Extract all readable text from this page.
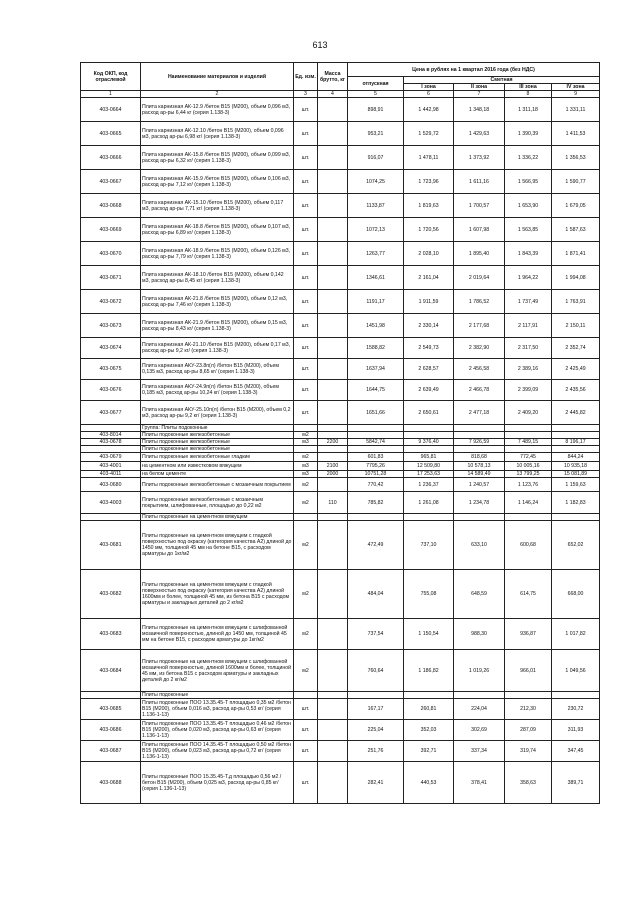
613
Код ОКП, код отраслевой	Наименование материалов и изделий	Ед. изм.	Масса брутто, кг	Цена в рублях на 1 квартал 2016 года (без НДС)				
				отпускная	Сметная			
					I зона	II зона	III зона	IV зона
1	2	3	4	5	6	7	8	9
403-0664	Плита карнизная АК-12.9 /бетон В15 (М200), объем 0,096 м3, расход ар-ры 6,44 кг (серия 1.138-3)	шт.		898,91	1 442,98	1 348,18	1 311,18	1 331,11
403-0665	Плита карнизная АК-12.10 /бетон В15 (М200), объем 0,096 м3, расход ар-ры 6,98 кг/ (серия 1.138-3)	шт.		953,21	1 529,72	1 429,63	1 390,39	1 411,53
403-0666	Плита карнизная АК-15.8 /бетон В15 (М200), объем 0,099 м3, расход ар-ры 6,32 кг/ (серия 1.138-3)	шт.		916,07	1 478,11	1 373,92	1 336,22	1 356,53
403-0667	Плита карнизная АК-15.9 /бетон В15 (М200), объем 0,106 м3, расход ар-ры 7,12 кг/ (серия 1.138-3)	шт.		1074,25	1 723,96	1 611,16	1 566,95	1 590,77
403-0668	Плита карнизная АК-15.10 /бетон В15 (М200), объем 0,117 м3, расход ар-ры 7,71 кг/ (серия 1.138-3)	шт.		1133,87	1 819,63	1 700,57	1 653,90	1 679,05
403-0669	Плита карнизная АК-18.8 /бетон В15 (М200), объем 0,107 м3, расход ар-ры 6,89 кг/ (серия 1.138-3)	шт.		1072,13	1 720,56	1 607,98	1 563,85	1 587,63
403-0670	Плита карнизная АК-18.9 /бетон В15 (М200), объем 0,126 м3, расход ар-ры 7,79 кг/ (серия 1.138-3)	шт.		1263,77	2 028,10	1 895,40	1 843,39	1 871,41
403-0671	Плита карнизная АК-18.10 /бетон В15 (М200), объем 0,142 м3, расход ар-ры 8,45 кг/ (серия 1.138-3)	шт.		1346,61	2 161,04	2 019,64	1 964,22	1 994,08
403-0672	Плита карнизная АК-21.8 /бетон В15 (М200), объем 0,12 м3, расход ар-ры 7,46 кг/ (серия 1.138-3)	шт.		1191,17	1 911,59	1 786,52	1 737,49	1 763,91
403-0673	Плита карнизная АК-21.9 /бетон В15 (М200), объем 0,15 м3, расход ар-ры 8,43 кг/ (серия 1.138-3)	шт.		1451,98	2 330,14	2 177,68	2 117,91	2 150,11
403-0674	Плита карнизная АК-21.10 /бетон В15 (М200), объем 0,17 м3, расход ар-ры 9,2 кг/ (серия 1.138-3)	шт.		1588,82	2 549,73	2 382,90	2 317,50	2 352,74
403-0675	Плита карнизная АКУ-23.8п(л) /бетон В15 (М200), объем 0,135 м3, расход ар-ры 8,65 кг/ (серия 1.138-3)	шт.		1637,94	2 628,57	2 456,58	2 389,16	2 425,49
403-0676	Плита карнизная АКУ-24.9п(л) /бетон В15 (М200), объем 0,185 м3, расход ар-ры 10,24 кг/ (серия 1.138-3)	шт.		1644,75	2 639,49	2 466,78	2 399,09	2 435,56
403-0677	Плита карнизная АКУ-25.10п(л) /бетон В15 (М200), объем 0,2 м3, расход ар-ры 9,2 кг/ (серия 1.138-3)	шт.		1651,66	2 650,61	2 477,18	2 409,20	2 445,82
	Группа: Плиты подоконные							
403-8014	Плиты подоконные железобетонные	м2						
403-0678	Плиты подоконные железобетонные	м3	2200	5842,74	9 376,40	7 926,59	7 489,15	8 196,17
	Плиты подоконные железобетонные							
403-0679	Плиты подоконные железобетонные гладкие	м2		601,83	965,81	818,68	772,45	844,24
403-4001	на цементном или известковом вяжущем	м3	2100	7795,26	12 509,80	10 578,13	10 005,16	10 935,18
403-4011	на белом цементе	м3	2000	10751,28	17 253,63	14 589,49	13 799,25	15 081,89
403-0680	Плиты подоконные железобетонные с мозаичным покрытием	м2		770,42	1 236,37	1 240,57	1 123,76	1 159,63
403-4003	Плиты подоконные железобетонные с мозаичным покрытием, шлифованные, площадью до 0,22 м2	м2	110	785,82	1 261,08	1 234,78	1 146,24	1 182,83
	Плиты подоконные на цементном вяжущем							
403-0681	Плиты подоконные на цементном вяжущем с гладкой поверхностью под окраску (категория качества А2) длиной до 1450 мм, толщиной 45 мм на бетоне В15, с расходом арматуры до 1кг/м2	м2		472,49	737,10	633,10	600,68	652,02
403-0682	Плиты подоконные на цементном вяжущем с гладкой поверхностью под окраску (категория качества А2) длиной 1600мм и более, толщиной 45 мм, из бетона В15 с расходом арматуры и закладных деталей до 2 кг/м2	м2		484,04	755,08	648,59	614,75	668,00
403-0683	Плиты подоконные на цементном вяжущем с шлифованной мозаичной поверхностью, длиной до 1450 мм, толщиной 45 мм на бетоне В15, с расходом арматуры до 1кг/м2	м2		737,54	1 150,54	988,30	936,87	1 017,82
403-0684	Плиты подоконные на цементном вяжущем с шлифованной мозаичной поверхностью, длиной 1600мм и более, толщиной 45 мм, из бетона В15 с расходом арматуры и закладных деталей до 2 кг/м2	м2		760,64	1 186,82	1 019,26	966,01	1 049,56
	Плиты подоконные							
403-0685	Плиты подоконные ПОО 13.35.45-Т площадью 0,35 м2 /бетон В15 (М200), объем 0,016 м3, расход ар-ры 0,53 кг/ (серия 1.136-1-13)	шт.		167,17	260,81	224,04	212,30	230,72
403-0686	Плиты подоконные ПОО 13.35.45-Т площадью 0,46 м2 /бетон В15 (М200), объем 0,020 м3, расход ар-ры 0,63 кг/ (серия 1.136-1-13)	шт.		225,04	352,03	302,69	287,09	311,93
403-0687	Плиты подоконные ПОО 14.35.45-Т площадью 0,50 м2 /бетон В15 (М200), объем 0,023 м3, расход ар-ры 0,72 кг/ (серия 1.136-1-13)	шт.		251,76	392,71	337,34	319,74	347,45
403-0688	Плиты подоконные ПОО 15.35.45-Т.д площадью 0,56 м2 /бетон В15 (М200), объем 0,025 м3, расход ар-ры 0,85 кг/ (серия 1.136-1-13)	шт.		282,41	440,53	378,41	358,63	389,71
